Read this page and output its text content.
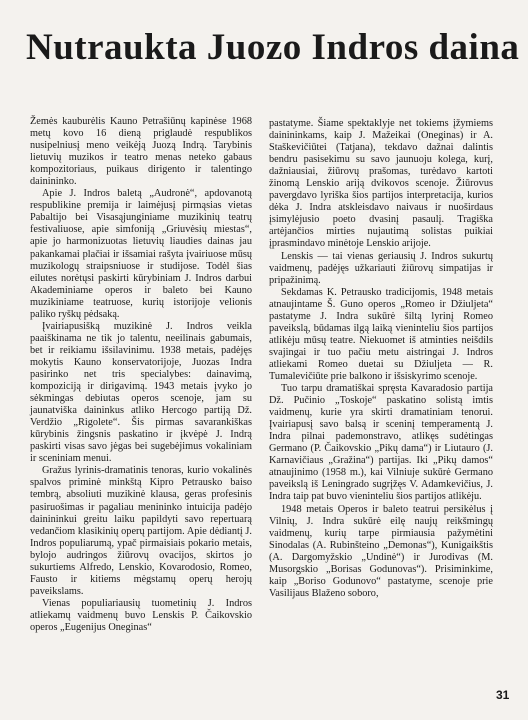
Nutraukta Juozo Indros daina

Žemės kauburėlis Kauno Petrašiūnų kapinėse 1968 metų kovo 16 dieną priglaudė respublikos nusipelniusį meno veikėją Juozą Indrą. Tarybinis lietuvių muzikos ir teatro menas neteko gabaus kompozitoriaus, puikaus dirigento ir talentingo dainininko.

Apie J. Indros baletą „Audronė“, apdovanotą respublikine premija ir laimėjusį pirmąsias vietas Pabaltijo bei Visasąjunginiame muzikinių teatrų festivaliuose, apie simfoniją „Griuvėsių miestas“, apie jo harmonizuotas lietuvių liaudies dainas jau pakankamai plačiai ir išsamiai rašyta įvairiuose mūsų muzikologų straipsniuose ir studijose. Todėl šias eilutes norėtųsi paskirti kūrybiniam J. Indros darbui Akademiniame operos ir baleto bei Kauno muzikiniame teatruose, kurių istorijoje velionis paliko ryškų pėdsaką.

Įvairiapusišką muzikinė J. Indros veikla paaiškinama ne tik jo talentu, neeilinais gabumais, bet ir reikiamu išsilavinimu. 1938 metais, padėjęs mokytis Kauno konservatorijoje, Juozas Indra pasirinko net tris specialybes: dainavimą, kompoziciją ir dirigavimą. 1943 metais įvyko jo sėkmingas debiutas operos scenoje, jam su jaunatviška daininkus atliko Hercogo partiją Dž. Verdžio „Rigolete“. Šis pirmas savarankiškas kūrybinis žingsnis paskatino ir įkvėpė J. Indrą paskirti visas savo jėgas bei sugebėjimus vokaliniam ir sceniniam menui.

Gražus lyrinis-dramatinis tenoras, kurio vokalinės spalvos priminė minkštą Kipro Petrausko baiso tembrą, absoliuti muzikinė klausa, geras profesinis pasiruošimas ir pagaliau menininko intuicija padėjo dainininkui greitu laiku papildyti savo repertuarą vedančiom klasikinių operų partijom. Apie dėdiantį J. Indros populiarumą, ypač pirmaisiais pokario metais, bylojo audringos žiūrovų ovacijos, skirtos jo sukurtiems Alfredo, Lenskio, Kovarodosio, Romeo, Fausto ir kitiems mėgstamų operų herojų paveikslams.

Vienas populiariausių tuometinių J. Indros atliekamų vaidmenų buvo Lenskis P. Čaikovskio operos „Eugenijus Oneginas“

pastatyme. Šiame spektaklyje net tokiems įžymiems dainininkams, kaip J. Mažeikai (Oneginas) ir A. Staškevičiūtei (Tatjana), tekdavo dažnai dalintis bendru pasisekimu su savo jaunuoju kolega, kurį, dažniausiai, žiūrovų prašomas, turėdavo kartoti žinomą Lenskio ariją dvikovos scenoje. Žiūrovus pavergdavo lyriška šios partijos interpretacija, kurios dėka J. Indra atskleisdavo naivaus ir nuoširdaus įsimylėjusio poeto dvasinį pasaulį. Tragiška artėjančios mirties nujautimą solistas puikiai įprasmindavo minėtoje Lenskio arijoje.

Lenskis — tai vienas geriausių J. Indros sukurtų vaidmenų, padėjęs užkariauti žiūrovų simpatijas ir pripažinimą.

Sekdamas K. Petrausko tradicijomis, 1948 metais atnaujintame Š. Guno operos „Romeo ir Džiuljeta“ pastatyme J. Indra sukūrė šiltą lyrinį Romeo paveikslą, būdamas ilgą laiką vieninteliu šios partijos atlikėju mūsų teatre. Niekuomet iš atminties neišdils svajingai ir tuo pačiu metu aistringai J. Indros atliekami Romeo duetai su Džiuljeta — R. Tumalevičiūte prie balkono ir išsiskyrimo scenoje.

Tuo tarpu dramatiškai spręsta Kavaradosio partija Dž. Pučinio „Toskoje“ paskatino solistą imtis vaidmenų, kurie yra skirti dramatiniam tenorui. Įvairiapusį savo balsą ir sceninį temperamentą J. Indra pilnai pademonstravo, atlikęs sudėtingas Germano (P. Čaikovskio „Pikų dama“) ir Liutauro (J. Karnavičiaus „Gražina“) partijas. Iki „Pikų damos“ atnaujinimo (1958 m.), kai Vilniuje sukūrė Germano paveikslą iš Leningrado sugrįžęs V. Adamkevičius, J. Indra taip pat buvo vieninteliu šios partijos atlikėju.

1948 metais Operos ir baleto teatrui persikėlus į Vilnių, J. Indra sukūrė eilę naujų reikšmingų vaidmenų, kurių tarpe pirmiausia pažymėtini Sinodalas (A. Rubinšteino „Demonas“), Kunigaikštis (A. Dargomyžskio „Undinė“) ir Jurodivas (M. Musorgskio „Borisas Godunovas“). Prisiminkime, kaip „Boriso Godunovo“ pastatyme, scenoje prie Vasilijaus Blaženo soboro,

31
